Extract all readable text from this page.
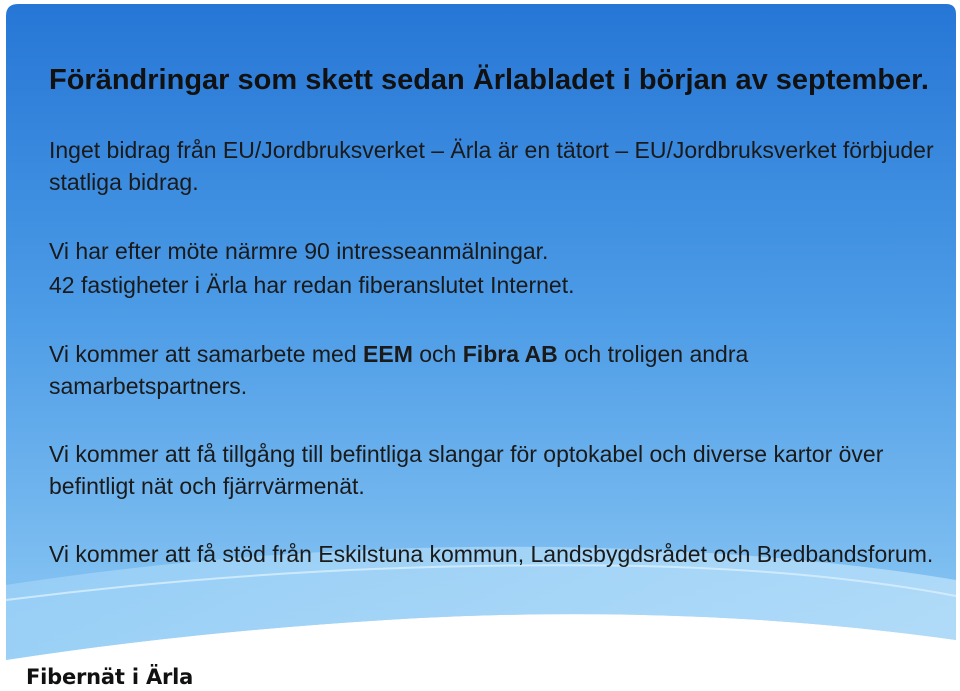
Förändringar som skett sedan Ärlabladet i början av september.

Inget bidrag från EU/Jordbruksverket – Ärla är en tätort – EU/Jordbruksverket förbjuder statliga bidrag.

Vi har efter möte närmre 90 intresseanmälningar.
42 fastigheter i Ärla har redan fiberanslutet Internet.

Vi kommer att samarbete med EEM och Fibra AB och troligen andra samarbetspartners.

Vi kommer att få tillgång till befintliga slangar för optokabel och diverse kartor över befintligt nät och fjärrvärmenät.

Vi kommer att få stöd från Eskilstuna kommun, Landsbygdsrådet och Bredbandsforum.

Fibernät i Ärla
